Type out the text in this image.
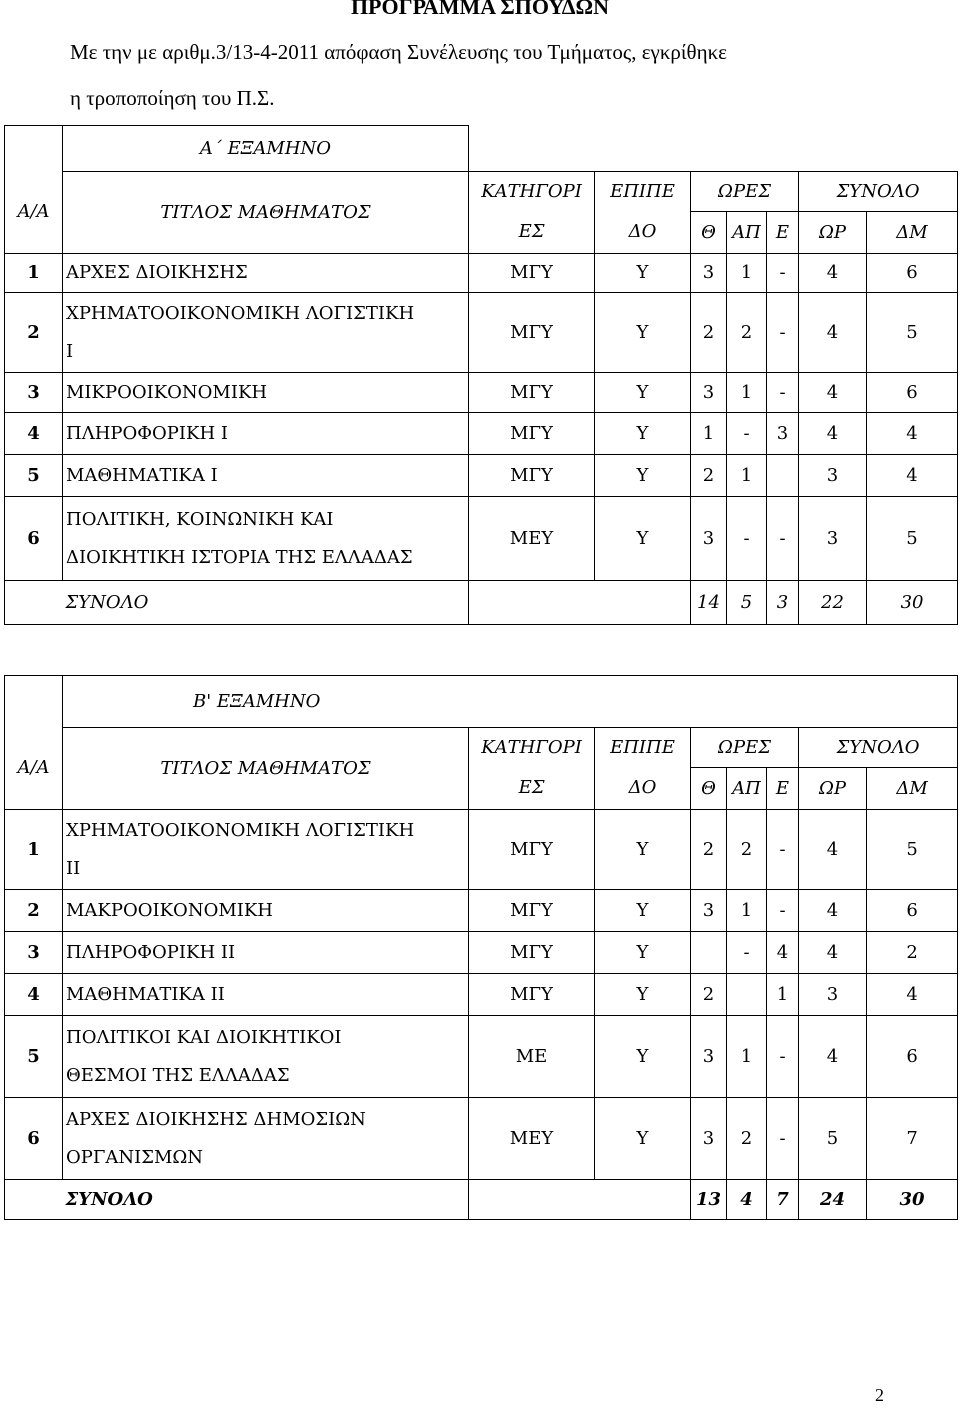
ΠΡΟΓΡΑΜΜΑ ΣΠΟΥΔΩΝ
Με την με αριθμ.3/13-4-2011 απόφαση Συνέλευσης του Τμήματος, εγκρίθηκε
η τροποποίηση του Π.Σ.
	Α΄ ΕΞΑΜΗΝΟ							
Α/Α	ΤΙΤΛΟΣ ΜΑΘΗΜΑΤΟΣ	ΚΑΤΗΓΟΡΙ	ΕΠΙΠΕ	ΩΡΕΣ			ΣΥΝΟΛΟ	
		ΕΣ	ΔΟ	Θ	ΑΠ	Ε	ΩΡ	ΔΜ
1	ΑΡΧΕΣ ΔΙΟΙΚΗΣΗΣ	ΜΓΥ	Υ	3	1	-	4	6
2	ΧΡΗΜΑΤΟΟΙΚΟΝΟΜΙΚΗ ΛΟΓΙΣΤΙΚΗ
Ι	ΜΓΥ	Υ	2	2	-	4	5
3	ΜΙΚΡΟΟΙΚΟΝΟΜΙΚΗ	ΜΓΥ	Υ	3	1	-	4	6
4	ΠΛΗΡΟΦΟΡΙΚΗ Ι	ΜΓΥ	Υ	1	-	3	4	4
5	ΜΑΘΗΜΑΤΙΚΑ Ι	ΜΓΥ	Υ	2	1		3	4
6	ΠΟΛΙΤΙΚΗ, ΚΟΙΝΩΝΙΚΗ ΚΑΙ
ΔΙΟΙΚΗΤΙΚΗ ΙΣΤΟΡΙΑ ΤΗΣ ΕΛΛΑΔΑΣ	ΜΕΥ	Υ	3	-	-	3	5
	ΣΥΝΟΛΟ			14	5	3	22	30
	Β' ΕΞΑΜΗΝΟ							
Α/Α	ΤΙΤΛΟΣ ΜΑΘΗΜΑΤΟΣ	ΚΑΤΗΓΟΡΙ	ΕΠΙΠΕ	ΩΡΕΣ			ΣΥΝΟΛΟ	
		ΕΣ	ΔΟ	Θ	ΑΠ	Ε	ΩΡ	ΔΜ
1	ΧΡΗΜΑΤΟΟΙΚΟΝΟΜΙΚΗ ΛΟΓΙΣΤΙΚΗ
ΙΙ	ΜΓΥ	Υ	2	2	-	4	5
2	ΜΑΚΡΟΟΙΚΟΝΟΜΙΚΗ	ΜΓΥ	Υ	3	1	-	4	6
3	ΠΛΗΡΟΦΟΡΙΚΗ ΙΙ	ΜΓΥ	Υ		-	4	4	2
4	ΜΑΘΗΜΑΤΙΚΑ ΙΙ	ΜΓΥ	Υ	2		1	3	4
5	ΠΟΛΙΤΙΚΟΙ ΚΑΙ ΔΙΟΙΚΗΤΙΚΟΙ
ΘΕΣΜΟΙ ΤΗΣ ΕΛΛΑΔΑΣ	ΜΕ	Υ	3	1	-	4	6
6	ΑΡΧΕΣ ΔΙΟΙΚΗΣΗΣ ΔΗΜΟΣΙΩΝ
ΟΡΓΑΝΙΣΜΩΝ	ΜΕΥ	Υ	3	2	-	5	7
	ΣΥΝΟΛΟ			13	4	7	24	30
2
